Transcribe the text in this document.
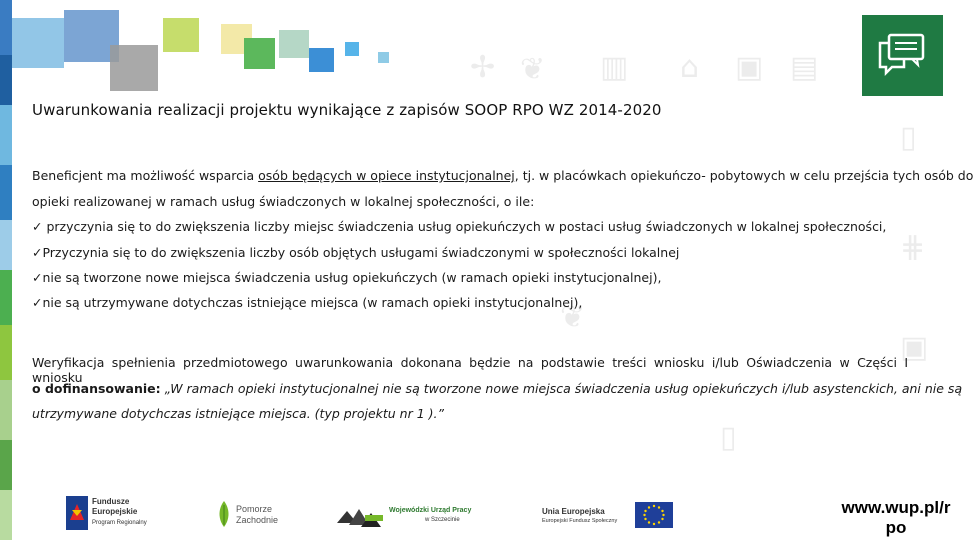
✢ ❦ ▥ ⌂ ▣ ▤
▯
⋕
▣
❦
▯
Uwarunkowania realizacji projektu wynikające z zapisów SOOP RPO WZ 2014-2020
Beneficjent ma możliwość wsparcia osób będących w opiece instytucjonalnej, tj. w placówkach opiekuńczo- pobytowych w celu przejścia tych osób do
opieki realizowanej w ramach usług świadczonych w lokalnej społeczności, o ile:
✓ przyczynia się to do zwiększenia liczby miejsc świadczenia usług opiekuńczych w postaci usług świadczonych w lokalnej społeczności,
✓Przyczynia się to do zwiększenia liczby osób objętych usługami świadczonymi w społeczności lokalnej
✓nie są tworzone nowe miejsca świadczenia usług opiekuńczych (w ramach opieki instytucjonalnej),
✓nie są utrzymywane dotychczas istniejące miejsca (w ramach opieki instytucjonalnej),
Weryfikacja spełnienia przedmiotowego uwarunkowania dokonana będzie na podstawie treści wniosku i/lub Oświadczenia w Części I wniosku
o dofinansowanie: „W ramach opieki instytucjonalnej nie są tworzone nowe miejsca świadczenia usług opiekuńczych i/lub asystenckich, ani nie są
utrzymywane dotychczas istniejące miejsca. (typ projektu nr 1 ).”
Fundusze
Europejskie
Program Regionalny
Pomorze
Zachodnie
Wojewódzki Urząd Pracy
w Szczecinie
Unia Europejska
Europejski Fundusz Społeczny
www.wup.pl/r po
